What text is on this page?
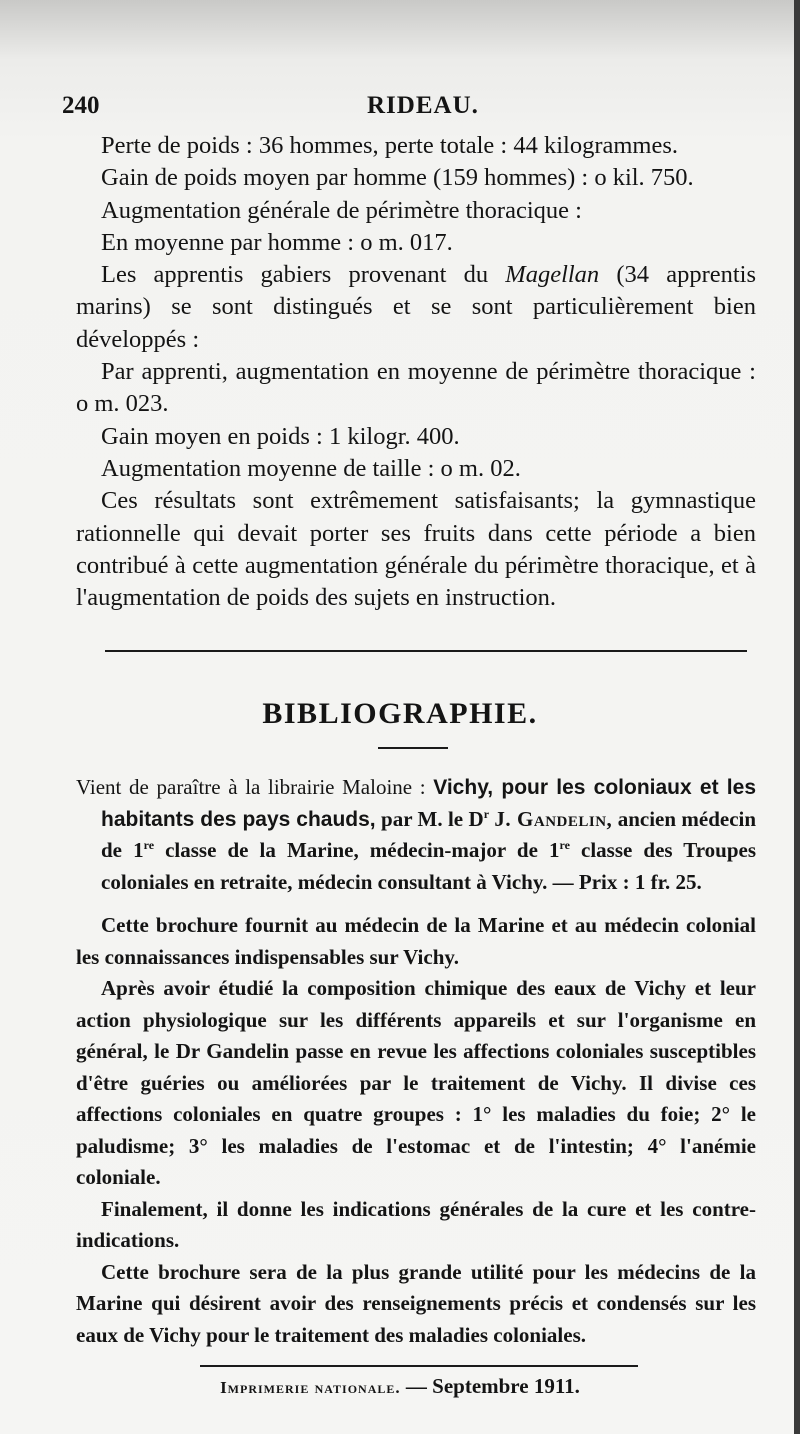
240	RIDEAU.

Perte de poids : 36 hommes, perte totale : 44 kilogrammes.

Gain de poids moyen par homme (159 hommes) : o kil. 750.

Augmentation générale de périmètre thoracique :

En moyenne par homme : o m. 017.

Les apprentis gabiers provenant du Magellan (34 apprentis marins) se sont distingués et se sont particulièrement bien développés :

Par apprenti, augmentation en moyenne de périmètre thoracique : o m. 023.

Gain moyen en poids : 1 kilogr. 400.

Augmentation moyenne de taille : o m. 02.

Ces résultats sont extrêmement satisfaisants; la gymnastique rationnelle qui devait porter ses fruits dans cette période a bien contribué à cette augmentation générale du périmètre thoracique, et à l'augmentation de poids des sujets en instruction.

BIBLIOGRAPHIE.

Vient de paraître à la librairie Maloine : Vichy, pour les coloniaux et les habitants des pays chauds, par M. le $D^r$ J. Gandelin, ancien médecin de 1re classe de la Marine, médecin-major de 1re classe des Troupes coloniales en retraite, médecin consultant à Vichy. — Prix : 1 fr. 25.

Cette brochure fournit au médecin de la Marine et au médecin colonial les connaissances indispensables sur Vichy.

Après avoir étudié la composition chimique des eaux de Vichy et leur action physiologique sur les différents appareils et sur l'organisme en général, le Dr Gandelin passe en revue les affections coloniales susceptibles d'être guéries ou améliorées par le traitement de Vichy. Il divise ces affections coloniales en quatre groupes : 1° les maladies du foie; 2° le paludisme; 3° les maladies de l'estomac et de l'intestin; 4° l'anémie coloniale.

Finalement, il donne les indications générales de la cure et les contre-indications.

Cette brochure sera de la plus grande utilité pour les médecins de la Marine qui désirent avoir des renseignements précis et condensés sur les eaux de Vichy pour le traitement des maladies coloniales.

Imprimerie nationale. — Septembre 1911.
